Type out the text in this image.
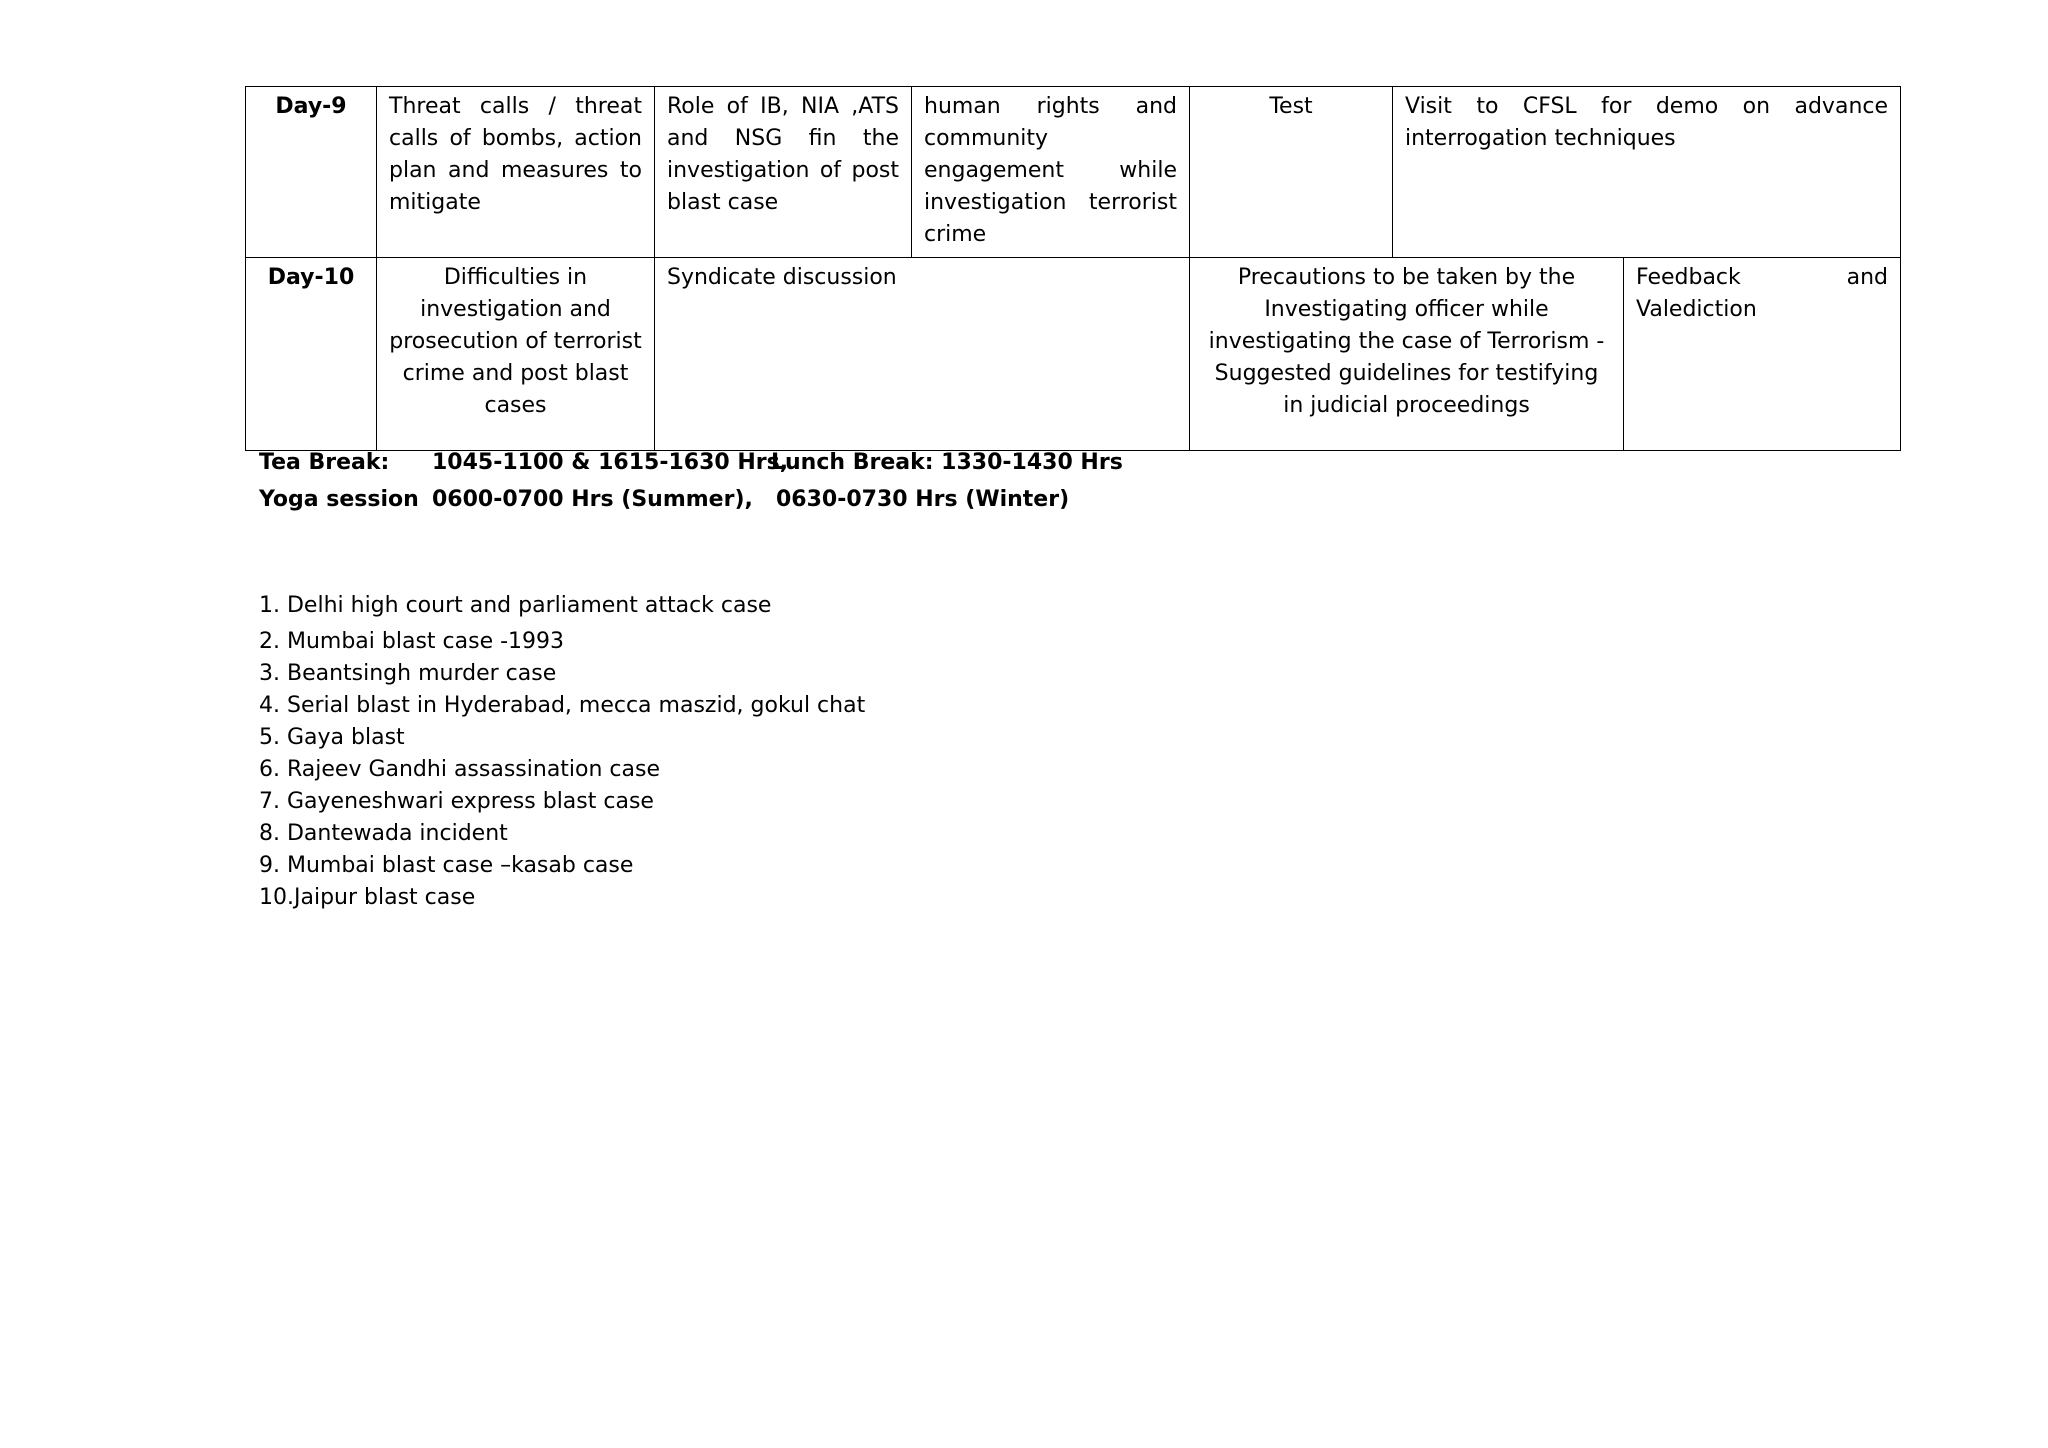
Day-9	Threat calls / threat calls of bombs, action plan and measures to mitigate	Role of IB, NIA ,ATS and NSG fin the investigation of post blast case	human rights and community engagement while investigation terrorist crime	Test	Visit to CFSL for demo on advance interrogation techniques	
Day-10	Difficulties in investigation and prosecution of terrorist crime and post blast cases	Syndicate discussion		Precautions to be taken by the Investigating officer while investigating the case of Terrorism - Suggested guidelines for testifying in judicial proceedings		Feedback and Valediction
Tea Break: 1045-1100 & 1615-1630 Hrs,
Lunch Break: 1330-1430 Hrs
Yoga session 0600-0700 Hrs (Summer), 0630-0730 Hrs (Winter)
1. Delhi high court and parliament attack case
2. Mumbai blast case -1993
3. Beantsingh murder case
4. Serial blast in Hyderabad, mecca maszid, gokul chat
5. Gaya blast
6. Rajeev Gandhi assassination case
7. Gayeneshwari express blast case
8. Dantewada incident
9. Mumbai blast case –kasab case
10.Jaipur blast case
